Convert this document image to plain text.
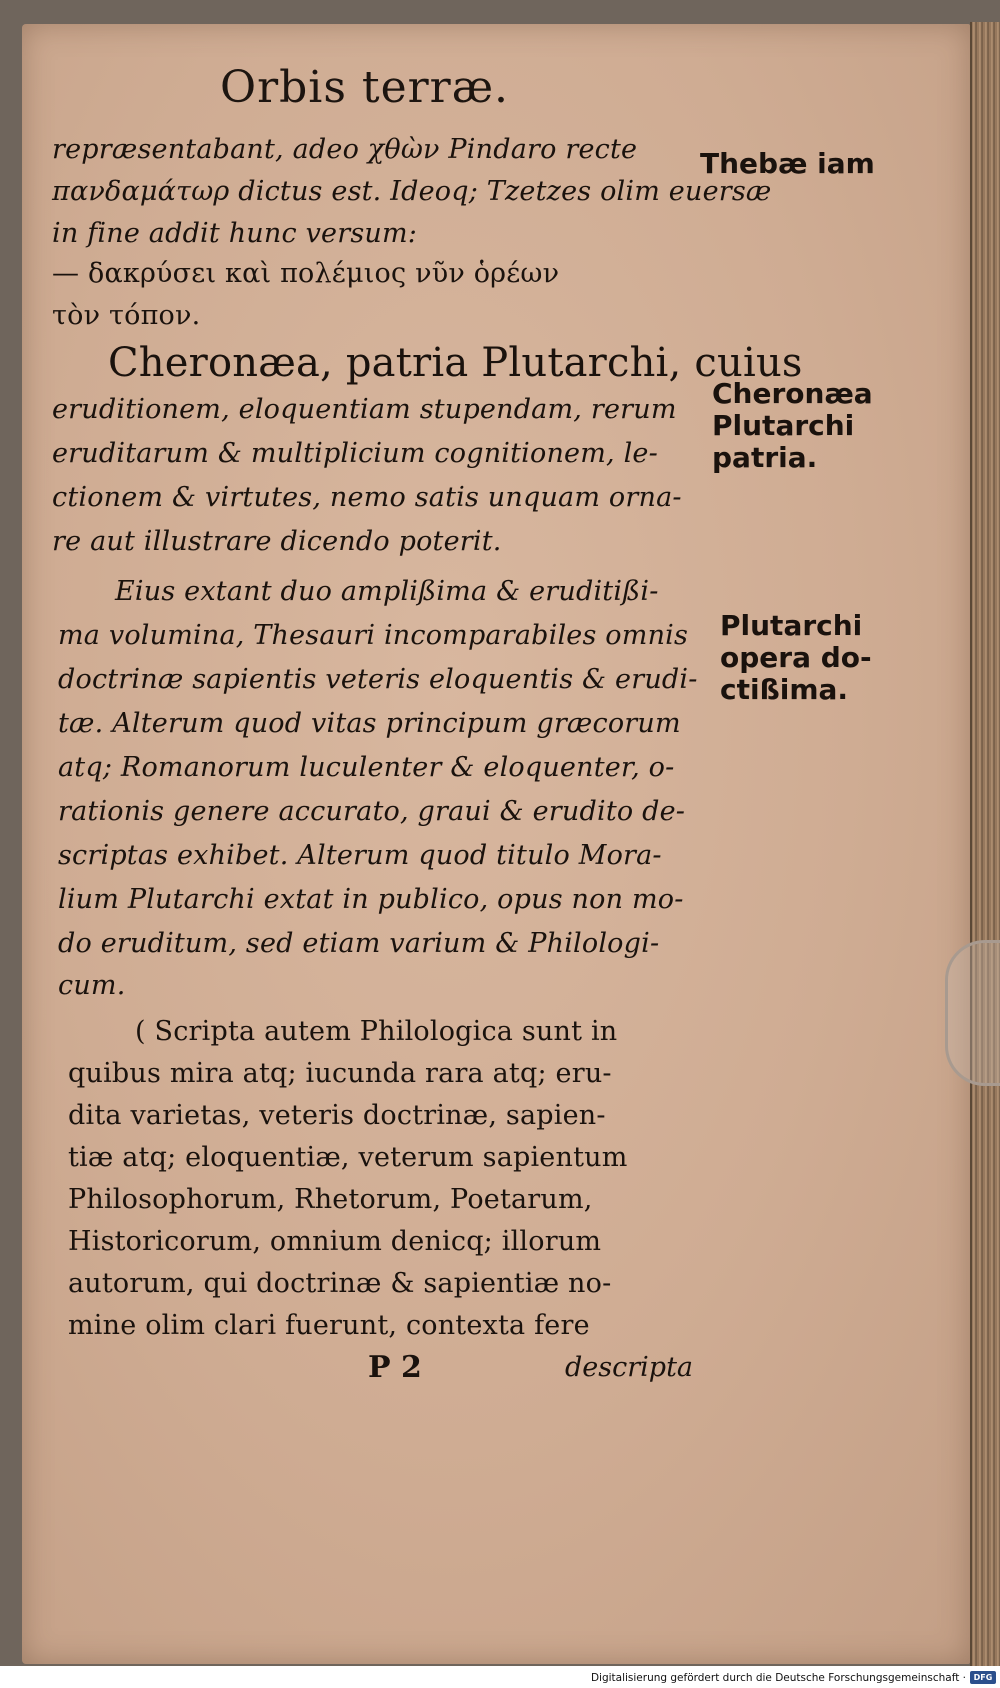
Orbis terræ.
repræsentabant, adeo χθὼν Pindaro recte
πανδαμάτωρ dictus est. Ideoq; Tzetzes olim euersæ
in fine addit hunc versum:
— δακρύσει καὶ πολέμιος νῦν ὁρέων
τὸν τόπον.
Cheronæa, patria Plutarchi, cuius
eruditionem, eloquentiam stupendam, rerum
eruditarum & multiplicium cognitionem, le-
ctionem & virtutes, nemo satis unquam orna-
re aut illustrare dicendo poterit.
Eius extant duo amplißima & eruditißi-
ma volumina, Thesauri incomparabiles omnis
doctrinæ sapientis veteris eloquentis & erudi-
tæ. Alterum quod vitas principum græcorum
atq; Romanorum luculenter & eloquenter, o-
rationis genere accurato, graui & erudito de-
scriptas exhibet. Alterum quod titulo Mora-
lium Plutarchi extat in publico, opus non mo-
do eruditum, sed etiam varium & Philologi-
cum.
( Scripta autem Philologica sunt in
quibus mira atq; iucunda rara atq; eru-
dita varietas, veteris doctrinæ, sapien-
tiæ atq; eloquentiæ, veterum sapientum
Philosophorum, Rhetorum, Poetarum,
Historicorum, omnium denicq; illorum
autorum, qui doctrinæ & sapientiæ no-
mine olim clari fuerunt, contexta fere
Thebæ iam
Cheronæa
Plutarchi
patria.
Plutarchi
opera do-
ctißima.
P 2	descripta
Digitalisierung gefördert durch die Deutsche Forschungsgemeinschaft · DFG
